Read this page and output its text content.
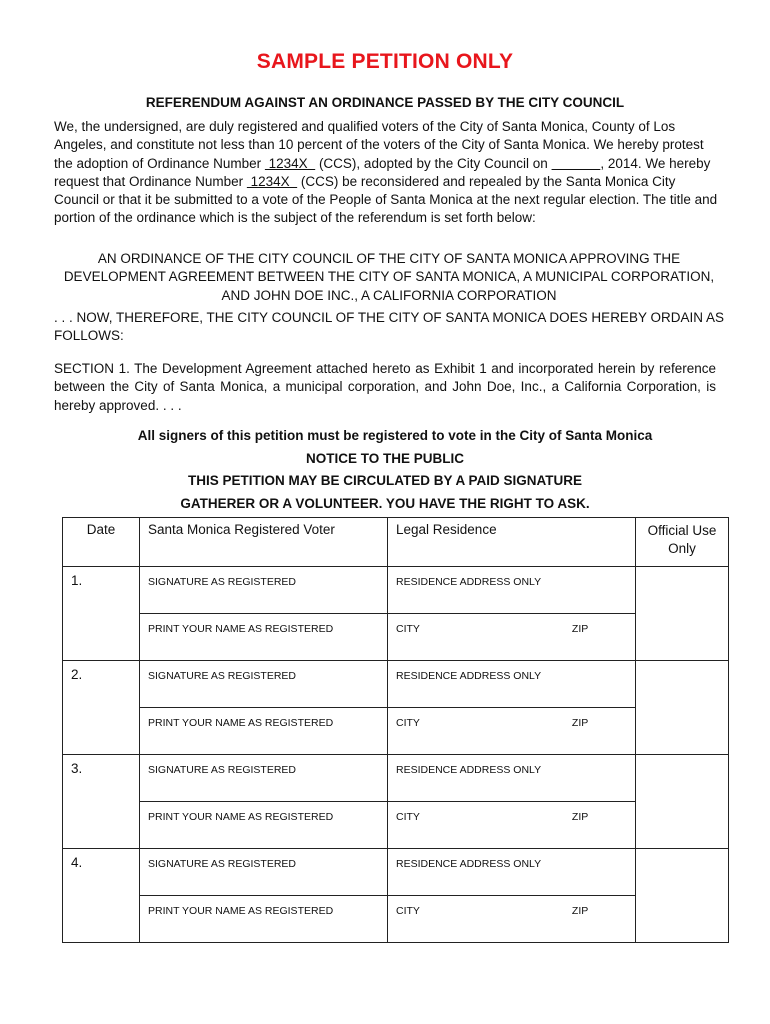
SAMPLE PETITION ONLY
REFERENDUM AGAINST AN ORDINANCE PASSED BY THE CITY COUNCIL
We, the undersigned, are duly registered and qualified voters of the City of Santa Monica, County of Los Angeles, and constitute not less than 10 percent of the voters of the City of Santa Monica. We hereby protest the adoption of Ordinance Number  1234X   (CCS), adopted by the City Council on	, 2014. We hereby request that Ordinance Number  1234X   (CCS) be reconsidered and repealed by the Santa Monica City Council or that it be submitted to a vote of the People of Santa Monica at the next regular election. The title and portion of the ordinance which is the subject of the referendum is set forth below:
AN ORDINANCE OF THE CITY COUNCIL OF THE CITY OF SANTA MONICA APPROVING THE DEVELOPMENT AGREEMENT BETWEEN THE CITY OF SANTA MONICA, A MUNICIPAL CORPORATION, AND JOHN DOE INC., A CALIFORNIA CORPORATION
. . . NOW, THEREFORE, THE CITY COUNCIL OF THE CITY OF SANTA MONICA DOES HEREBY ORDAIN AS FOLLOWS:
SECTION 1. The Development Agreement attached hereto as Exhibit 1 and incorporated herein by reference between the City of Santa Monica, a municipal corporation, and John Doe, Inc., a California Corporation, is hereby approved. . . .
All signers of this petition must be registered to vote in the City of Santa Monica
NOTICE TO THE PUBLIC
THIS PETITION MAY BE CIRCULATED BY A PAID SIGNATURE
GATHERER OR A VOLUNTEER. YOU HAVE THE RIGHT TO ASK.
Date	Santa Monica Registered Voter	Legal Residence	Official Use Only
1.	SIGNATURE AS REGISTERED	RESIDENCE ADDRESS ONLY	
	PRINT YOUR NAME AS REGISTERED	CITY ZIP	
2.	SIGNATURE AS REGISTERED	RESIDENCE ADDRESS ONLY	
	PRINT YOUR NAME AS REGISTERED	CITY ZIP	
3.	SIGNATURE AS REGISTERED	RESIDENCE ADDRESS ONLY	
	PRINT YOUR NAME AS REGISTERED	CITY ZIP	
4.	SIGNATURE AS REGISTERED	RESIDENCE ADDRESS ONLY	
	PRINT YOUR NAME AS REGISTERED	CITY ZIP	
